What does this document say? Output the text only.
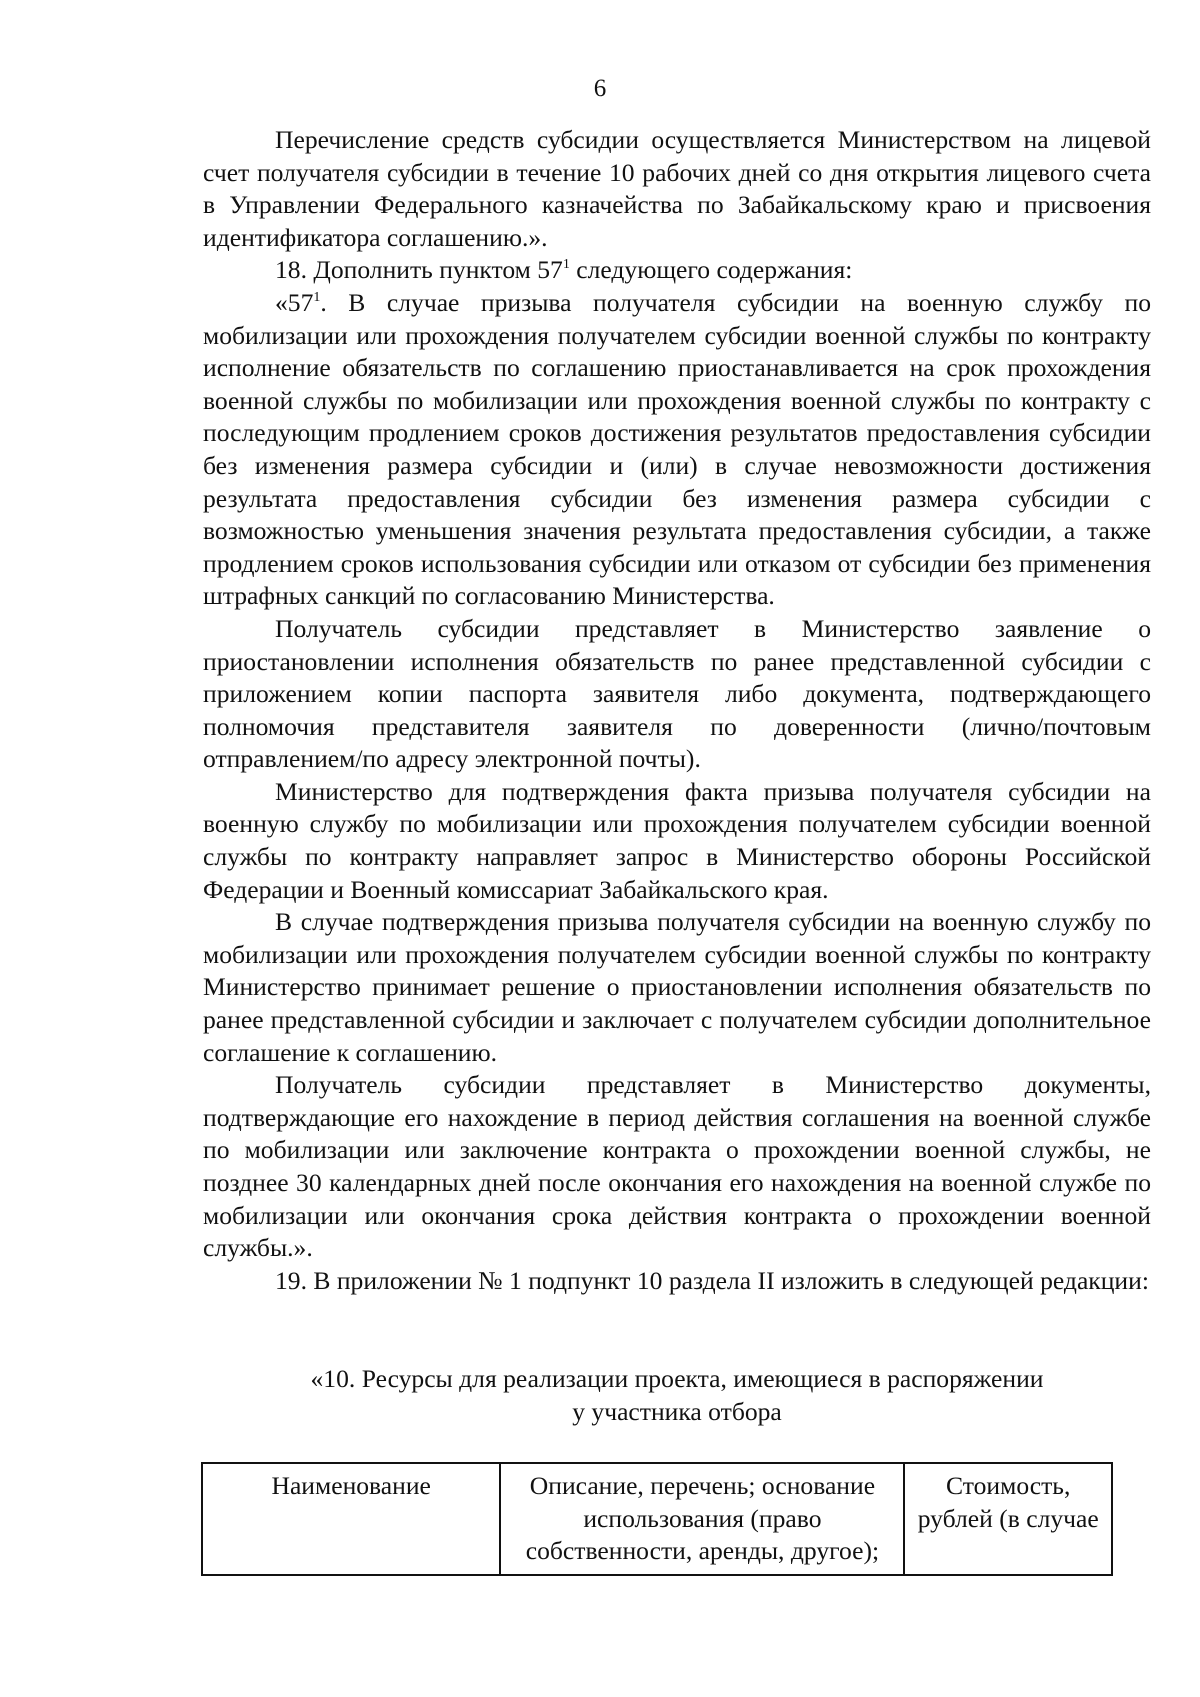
6

Перечисление средств субсидии осуществляется Министерством на лицевой счет получателя субсидии в течение 10 рабочих дней со дня открытия лицевого счета в Управлении Федерального казначейства по Забайкальскому краю и присвоения идентификатора соглашению.».

18. Дополнить пунктом $57^1$ следующего содержания:

«$57^1$. В случае призыва получателя субсидии на военную службу по мобилизации или прохождения получателем субсидии военной службы по контракту исполнение обязательств по соглашению приостанавливается на срок прохождения военной службы по мобилизации или прохождения военной службы по контракту с последующим продлением сроков достижения результатов предоставления субсидии без изменения размера субсидии и (или) в случае невозможности достижения результата предоставления субсидии без изменения размера субсидии с возможностью уменьшения значения результата предоставления субсидии, а также продлением сроков использования субсидии или отказом от субсидии без применения штрафных санкций по согласованию Министерства.

Получатель субсидии представляет в Министерство заявление о приостановлении исполнения обязательств по ранее представленной субсидии с приложением копии паспорта заявителя либо документа, подтверждающего полномочия представителя заявителя по доверенности (лично/почтовым отправлением/по адресу электронной почты).

Министерство для подтверждения факта призыва получателя субсидии на военную службу по мобилизации или прохождения получателем субсидии военной службы по контракту направляет запрос в Министерство обороны Российской Федерации и Военный комиссариат Забайкальского края.

В случае подтверждения призыва получателя субсидии на военную службу по мобилизации или прохождения получателем субсидии военной службы по контракту Министерство принимает решение о приостановлении исполнения обязательств по ранее представленной субсидии и заключает с получателем субсидии дополнительное соглашение к соглашению.

Получатель субсидии представляет в Министерство документы, подтверждающие его нахождение в период действия соглашения на военной службе по мобилизации или заключение контракта о прохождении военной службы, не позднее 30 календарных дней после окончания его нахождения на военной службе по мобилизации или окончания срока действия контракта о прохождении военной службы.».

19. В приложении № 1 подпункт 10 раздела II изложить в следующей редакции:

«10. Ресурсы для реализации проекта, имеющиеся в распоряжении
у участника отбора
Наименование	Описание, перечень; основание использования (право собственности, аренды, другое);	Стоимость, рублей (в случае
